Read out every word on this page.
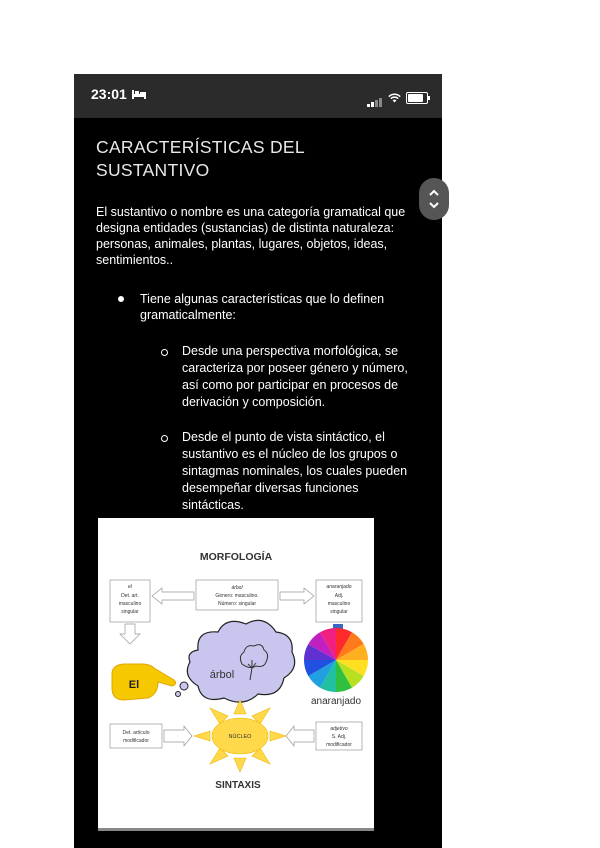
23:01
CARACTERÍSTICAS DEL SUSTANTIVO
El sustantivo o nombre es una categoría gramatical que designa entidades (sustancias) de distinta naturaleza: personas, animales, plantas, lugares, objetos, ideas, sentimientos..
Tiene algunas características que lo definen gramaticalmente:
Desde una perspectiva morfológica, se caracteriza por poseer género y número, así como por participar en procesos de derivación y composición.
Desde el punto de vista sintáctico, el sustantivo es el núcleo de los grupos o sintagmas nominales, los cuales pueden desempeñar diversas funciones sintácticas.
MORFOLOGÍA
el
Det. art.
masculino
singular
árbol
Género: masculino.
Número: singular
anaranjado
Adj.
masculino
singular
árbol
anaranjado
El
Det. artículo
modificador
adjetivo
S. Adj.
modificador
NÚCLEO
SINTAXIS
